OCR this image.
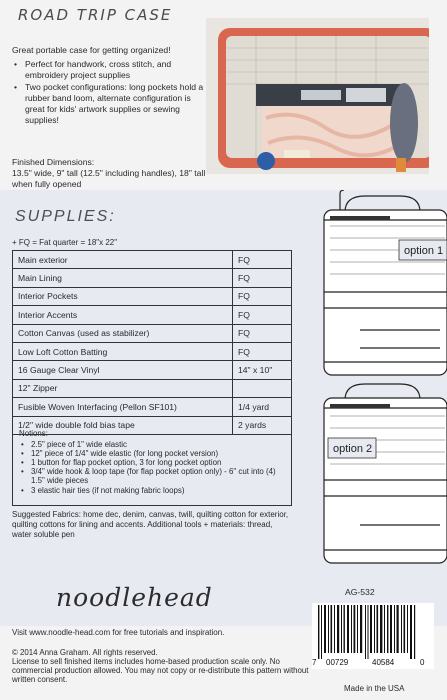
ROAD TRIP CASE
Great portable case for getting organized!
• Perfect for handwork, cross stitch, and embroidery project supplies
• Two pocket configurations: long pockets hold a rubber band loom, alternate configuration is great for kids' artwork supplies or sewing supplies!
Finished Dimensions:
13.5" wide, 9" tall (12.5" including handles), 18" tall when fully opened
SUPPLIES:
+ FQ = Fat quarter = 18"x 22"
Main exterior	FQ
Main Lining	FQ
Interior Pockets	FQ
Interior Accents	FQ
Cotton Canvas (used as stabilizer)	FQ
Low Loft Cotton Batting	FQ
16 Gauge Clear Vinyl	14" x 10"
12" Zipper	
Fusible Woven Interfacing (Pellon SF101)	1/4 yard
1/2" wide double fold bias tape	2 yards
Notions:
• 2.5" piece of 1" wide elastic
• 12" piece of 1/4" wide elastic (for long pocket version)
• 1 button for flap pocket option, 3 for long pocket option
• 3/4" wide hook & loop tape (for flap pocket option only) - 6" cut into (4) 1.5" wide pieces
• 3 elastic hair ties (if not making fabric loops)
Suggested Fabrics: home dec, denim, canvas, twill, quilting cotton for exterior, quilting cottons for lining and accents. Additional tools + materials: thread, water soluble pen
option 1
option 2
noodlehead	AG-532
Visit www.noodle-head.com for free tutorials and inspiration.
© 2014 Anna Graham. All rights reserved.
License to sell finished items includes home-based production scale only. No commercial production allowed. You may not copy or re-distribute this pattern without written consent.
7 00729	40584	0
Made in the USA
